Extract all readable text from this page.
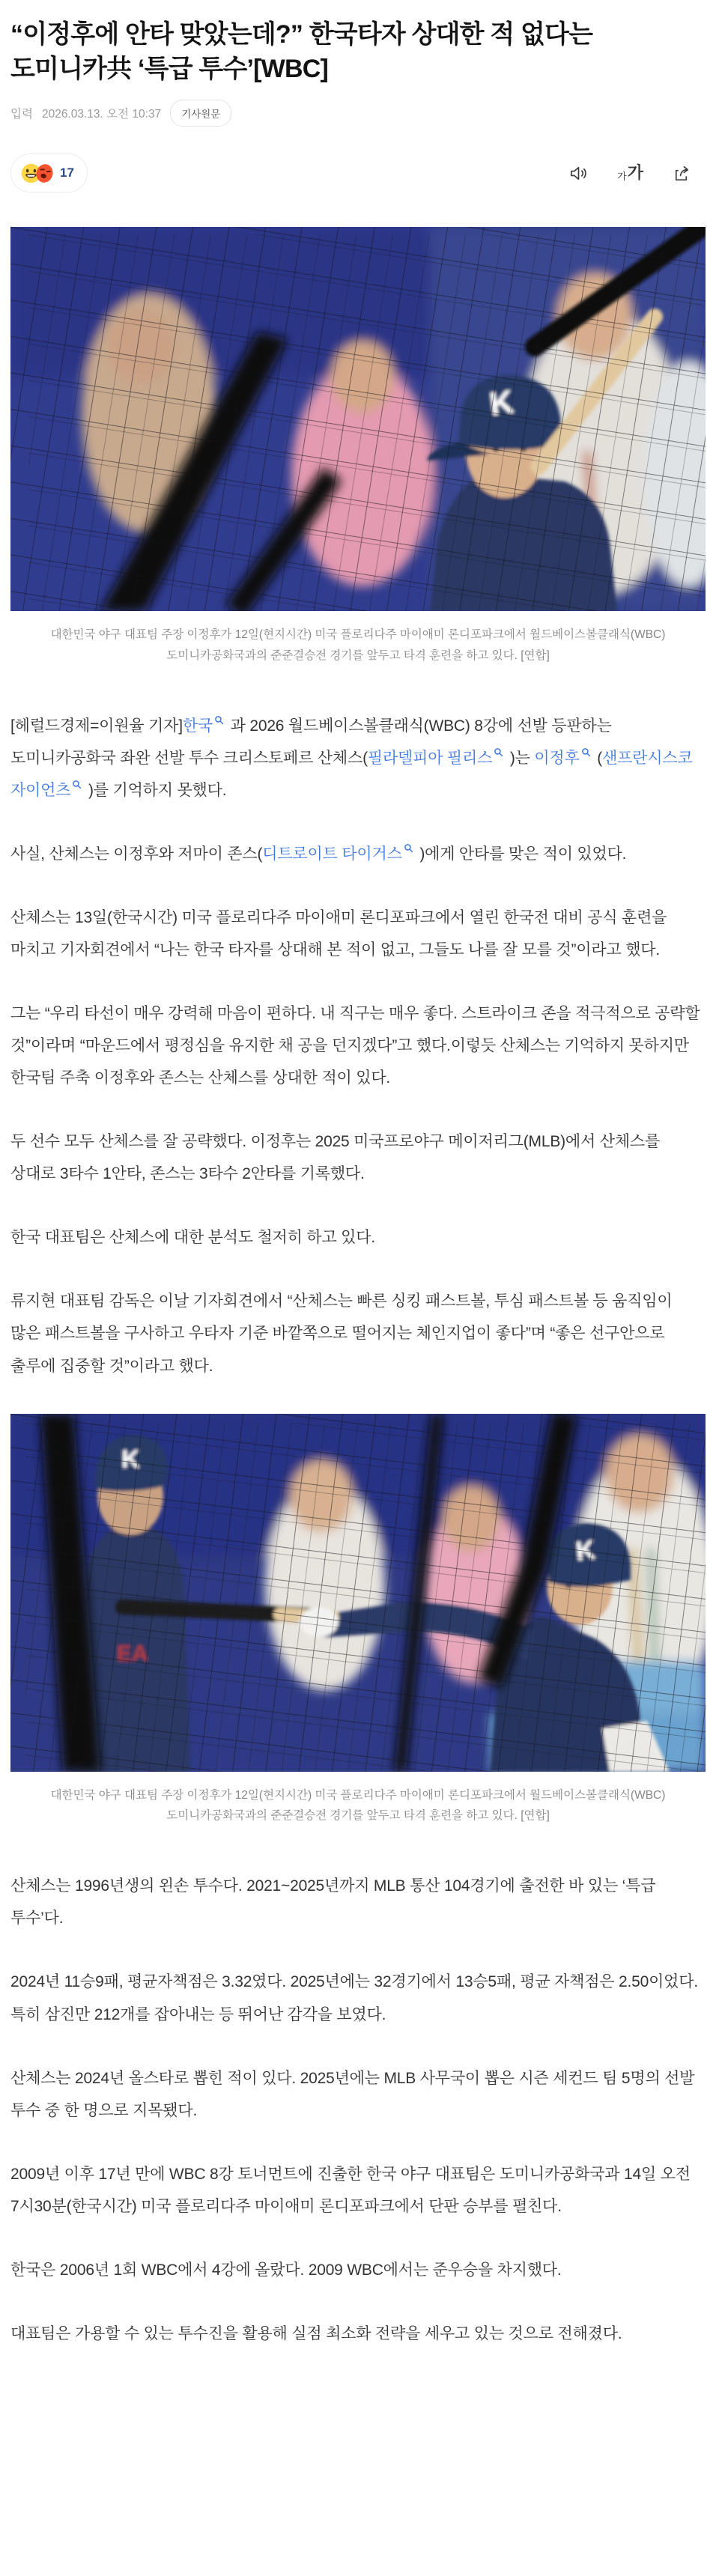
“이정후에 안타 맞았는데?” 한국타자 상대한 적 없다는 도미니카共 ‘특급 투수’[WBC]
입력 2026.03.13. 오전 10:37	기사원문
17	가 가
대한민국 야구 대표팀 주장 이정후가 12일(현지시간) 미국 플로리다주 마이애미 론디포파크에서 월드베이스볼클래식(WBC) 도미니카공화국과의 준준결승전 경기를 앞두고 타격 훈련을 하고 있다. [연합]

[헤럴드경제=이원율 기자]한국 과 2026 월드베이스볼클래식(WBC) 8강에 선발 등판하는 도미니카공화국 좌완 선발 투수 크리스토페르 산체스(필라델피아 필리스 )는 이정후 (샌프란시스코 자이언츠 )를 기억하지 못했다.

사실, 산체스는 이정후와 저마이 존스(디트로이트 타이거스 )에게 안타를 맞은 적이 있었다.

산체스는 13일(한국시간) 미국 플로리다주 마이애미 론디포파크에서 열린 한국전 대비 공식 훈련을 마치고 기자회견에서 “나는 한국 타자를 상대해 본 적이 없고, 그들도 나를 잘 모를 것”이라고 했다.

그는 “우리 타선이 매우 강력해 마음이 편하다. 내 직구는 매우 좋다. 스트라이크 존을 적극적으로 공략할 것”이라며 “마운드에서 평정심을 유지한 채 공을 던지겠다”고 했다.이렇듯 산체스는 기억하지 못하지만 한국팀 주축 이정후와 존스는 산체스를 상대한 적이 있다.

두 선수 모두 산체스를 잘 공략했다. 이정후는 2025 미국프로야구 메이저리그(MLB)에서 산체스를 상대로 3타수 1안타, 존스는 3타수 2안타를 기록했다.

한국 대표팀은 산체스에 대한 분석도 철저히 하고 있다.

류지현 대표팀 감독은 이날 기자회견에서 “산체스는 빠른 싱킹 패스트볼, 투심 패스트볼 등 움직임이 많은 패스트볼을 구사하고 우타자 기준 바깥쪽으로 떨어지는 체인지업이 좋다”며 “좋은 선구안으로 출루에 집중할 것”이라고 했다.

대한민국 야구 대표팀 주장 이정후가 12일(현지시간) 미국 플로리다주 마이애미 론디포파크에서 월드베이스볼클래식(WBC) 도미니카공화국과의 준준결승전 경기를 앞두고 타격 훈련을 하고 있다. [연합]

산체스는 1996년생의 왼손 투수다. 2021~2025년까지 MLB 통산 104경기에 출전한 바 있는 ‘특급 투수’다.

2024년 11승9패, 평균자책점은 3.32였다. 2025년에는 32경기에서 13승5패, 평균 자책점은 2.50이었다. 특히 삼진만 212개를 잡아내는 등 뛰어난 감각을 보였다.

산체스는 2024년 올스타로 뽑힌 적이 있다. 2025년에는 MLB 사무국이 뽑은 시즌 세컨드 팀 5명의 선발 투수 중 한 명으로 지목됐다.

2009년 이후 17년 만에 WBC 8강 토너먼트에 진출한 한국 야구 대표팀은 도미니카공화국과 14일 오전 7시30분(한국시간) 미국 플로리다주 마이애미 론디포파크에서 단판 승부를 펼친다.

한국은 2006년 1회 WBC에서 4강에 올랐다. 2009 WBC에서는 준우승을 차지했다.

대표팀은 가용할 수 있는 투수진을 활용해 실점 최소화 전략을 세우고 있는 것으로 전해졌다.
